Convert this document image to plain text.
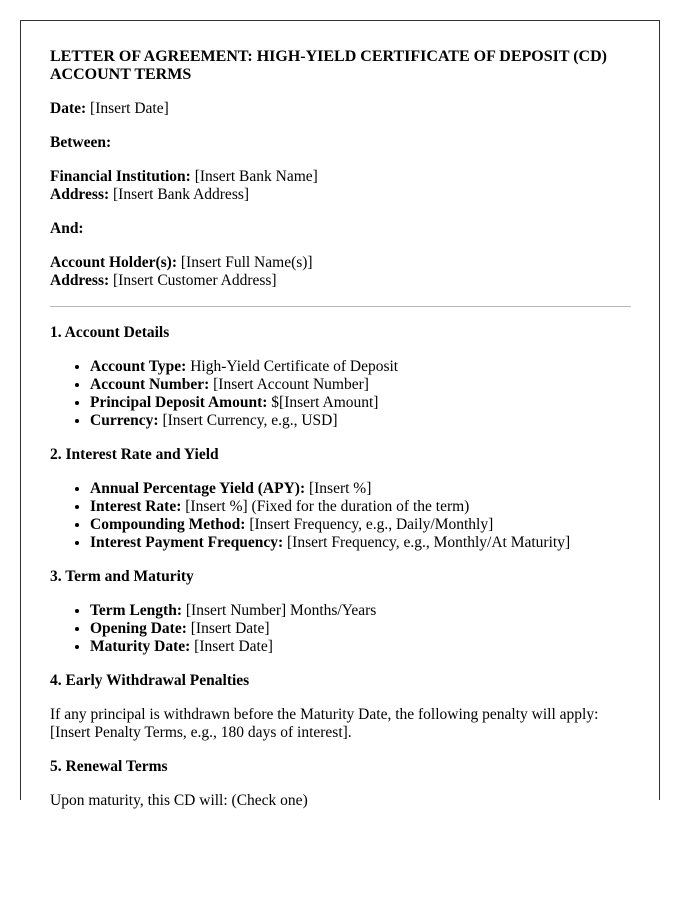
LETTER OF AGREEMENT: HIGH-YIELD CERTIFICATE OF DEPOSIT (CD) ACCOUNT TERMS

Date: [Insert Date]

Between:

Financial Institution: [Insert Bank Name]
Address: [Insert Bank Address]

And:

Account Holder(s): [Insert Full Name(s)]
Address: [Insert Customer Address]

1. Account Details
• Account Type: High-Yield Certificate of Deposit
• Account Number: [Insert Account Number]
• Principal Deposit Amount: $[Insert Amount]
• Currency: [Insert Currency, e.g., USD]
2. Interest Rate and Yield
• Annual Percentage Yield (APY): [Insert %]
• Interest Rate: [Insert %] (Fixed for the duration of the term)
• Compounding Method: [Insert Frequency, e.g., Daily/Monthly]
• Interest Payment Frequency: [Insert Frequency, e.g., Monthly/At Maturity]
3. Term and Maturity
• Term Length: [Insert Number] Months/Years
• Opening Date: [Insert Date]
• Maturity Date: [Insert Date]
4. Early Withdrawal Penalties

If any principal is withdrawn before the Maturity Date, the following penalty will apply: [Insert Penalty Terms, e.g., 180 days of interest].

5. Renewal Terms

Upon maturity, this CD will: (Check one)
